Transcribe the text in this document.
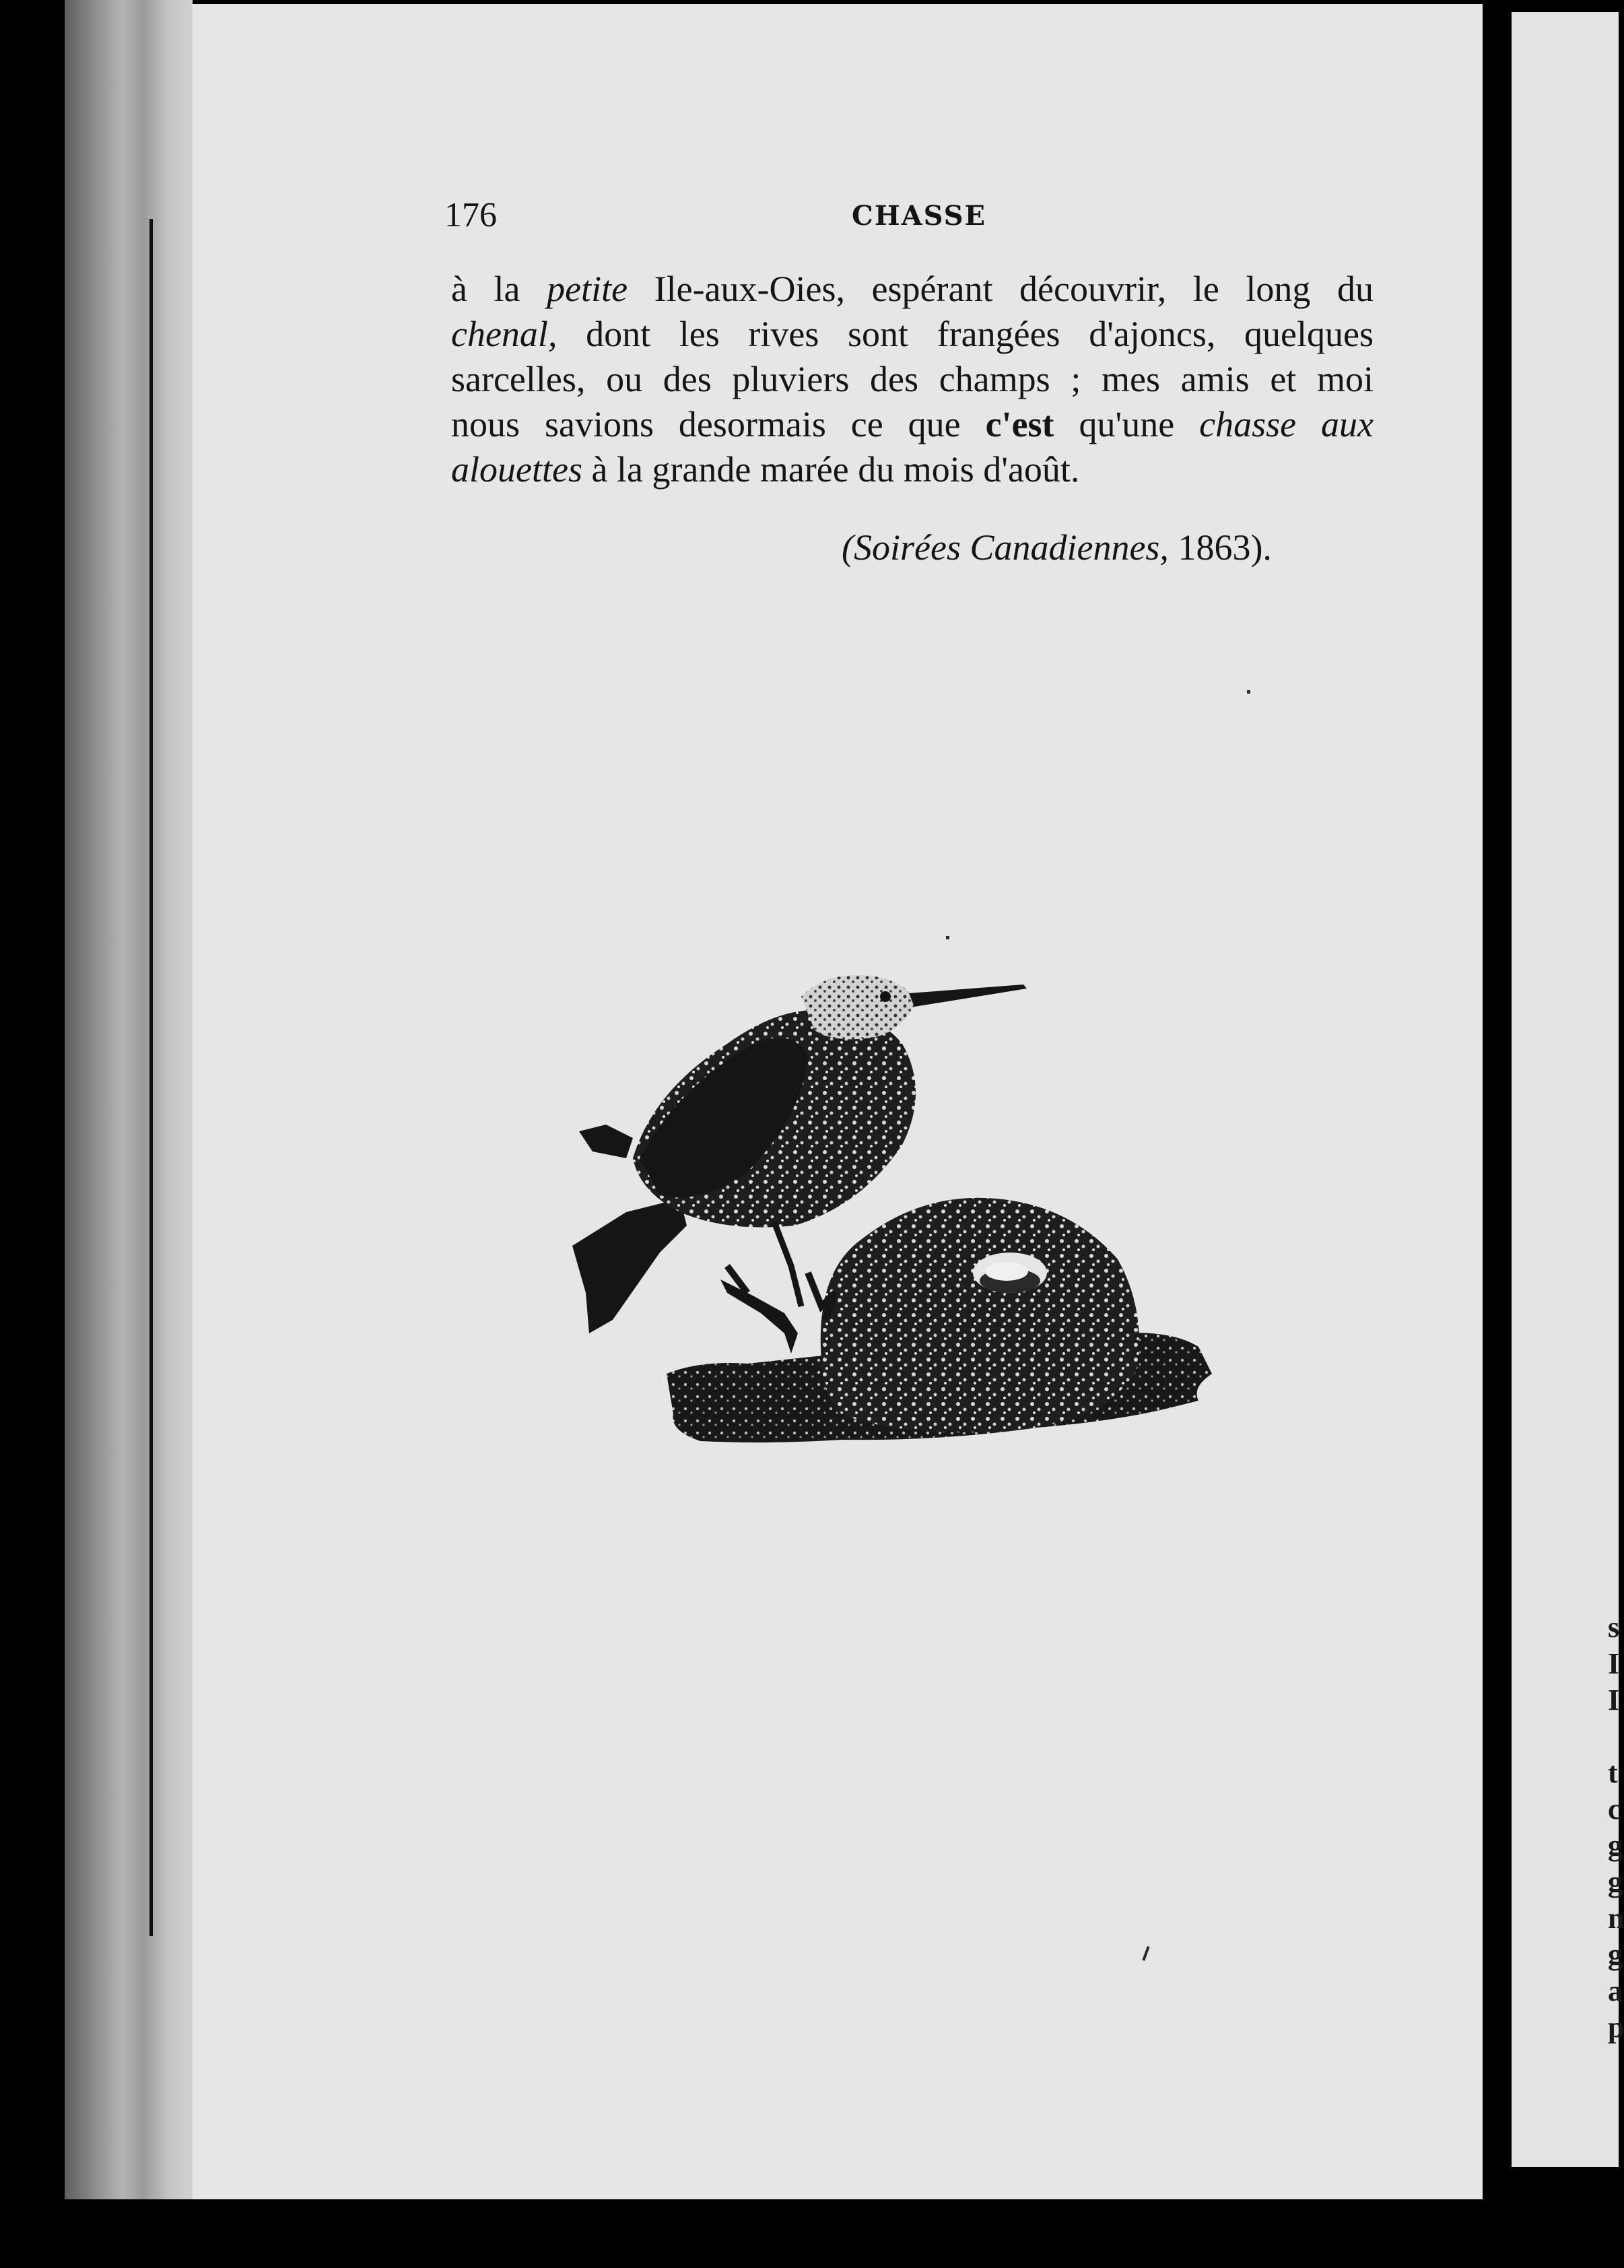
176	CHASSE
à la petite Ile-aux-Oies, espérant découvrir, le long du
chenal, dont les rives sont frangées d'ajoncs, quelques
sarcelles, ou des pluviers des champs ; mes amis et moi
nous savions desormais ce que c'est qu'une chasse aux
alouettes à la grande marée du mois d'août.
(Soirées Canadiennes, 1863).
s
I
I

t
c
g
g
n
g
a
p
